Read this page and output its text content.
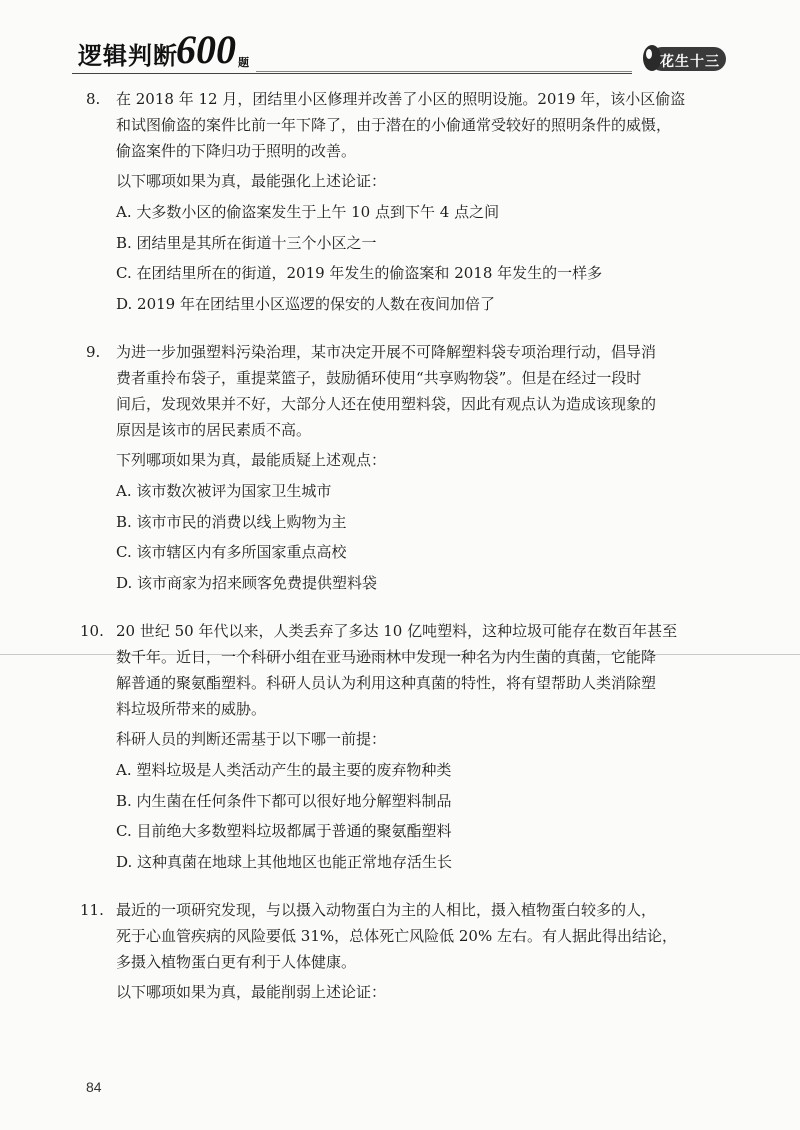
逻辑判断
600 题	花生十三
8. 在 2018 年 12 月，团结里小区修理并改善了小区的照明设施。2019 年，该小区偷盗
和试图偷盗的案件比前一年下降了，由于潜在的小偷通常受较好的照明条件的威慑，
偷盗案件的下降归功于照明的改善。
以下哪项如果为真，最能强化上述论证：
A. 大多数小区的偷盗案发生于上午 10 点到下午 4 点之间
B. 团结里是其所在街道十三个小区之一
C. 在团结里所在的街道，2019 年发生的偷盗案和 2018 年发生的一样多
D. 2019 年在团结里小区巡逻的保安的人数在夜间加倍了
9. 为进一步加强塑料污染治理，某市决定开展不可降解塑料袋专项治理行动，倡导消
费者重拎布袋子，重提菜篮子，鼓励循环使用“共享购物袋”。但是在经过一段时
间后，发现效果并不好，大部分人还在使用塑料袋，因此有观点认为造成该现象的
原因是该市的居民素质不高。
下列哪项如果为真，最能质疑上述观点：
A. 该市数次被评为国家卫生城市
B. 该市市民的消费以线上购物为主
C. 该市辖区内有多所国家重点高校
D. 该市商家为招来顾客免费提供塑料袋
10. 20 世纪 50 年代以来，人类丢弃了多达 10 亿吨塑料，这种垃圾可能存在数百年甚至
数千年。近日，一个科研小组在亚马逊雨林中发现一种名为内生菌的真菌，它能降
解普通的聚氨酯塑料。科研人员认为利用这种真菌的特性，将有望帮助人类消除塑
料垃圾所带来的威胁。
科研人员的判断还需基于以下哪一前提：
A. 塑料垃圾是人类活动产生的最主要的废弃物种类
B. 内生菌在任何条件下都可以很好地分解塑料制品
C. 目前绝大多数塑料垃圾都属于普通的聚氨酯塑料
D. 这种真菌在地球上其他地区也能正常地存活生长
11. 最近的一项研究发现，与以摄入动物蛋白为主的人相比，摄入植物蛋白较多的人，
死于心血管疾病的风险要低 31%，总体死亡风险低 20% 左右。有人据此得出结论，
多摄入植物蛋白更有利于人体健康。
以下哪项如果为真，最能削弱上述论证：
84
